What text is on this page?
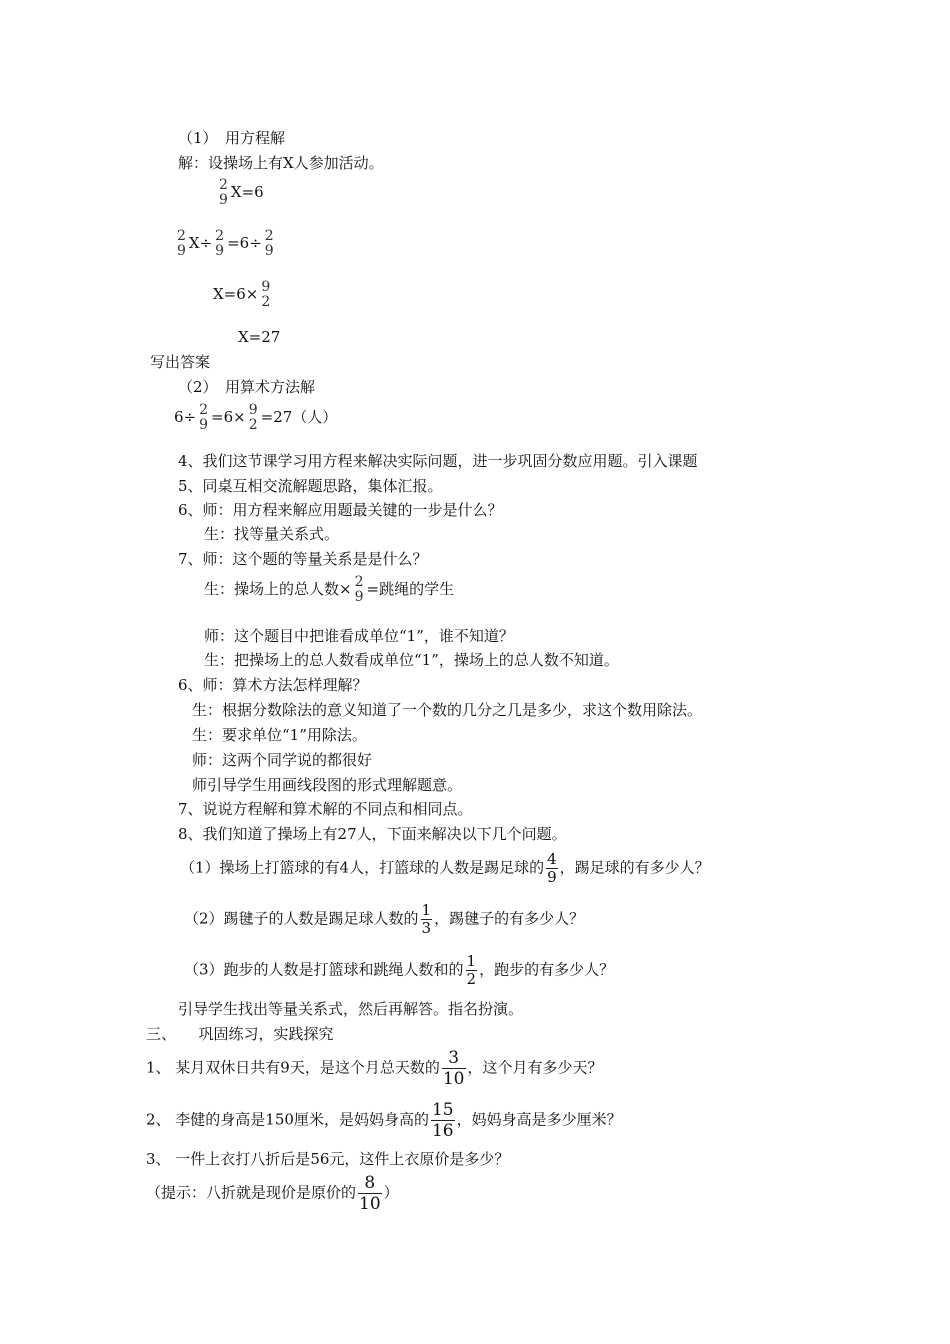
（1）　用方程解
解：设操场上有X人参加活动。
2
9 X=6
2
9 X÷ 2
9 =6÷ 2
9
X=6× 9
2
X=27
写出答案
（2）　用算术方法解
6÷ 2
9 =6× 9
2 =27（人）
4、我们这节课学习用方程来解决实际问题，进一步巩固分数应用题。引入课题
5、同桌互相交流解题思路，集体汇报。
6、师：用方程来解应用题最关键的一步是什么？
生：找等量关系式。
7、师：这个题的等量关系是是什么？
生：操场上的总人数× 2
9 =跳绳的学生
师：这个题目中把谁看成单位“1”，谁不知道？
生：把操场上的总人数看成单位“1”，操场上的总人数不知道。
6、师：算术方法怎样理解？
生：根据分数除法的意义知道了一个数的几分之几是多少，求这个数用除法。
生：要求单位“1”用除法。
师：这两个同学说的都很好
师引导学生用画线段图的形式理解题意。
7、说说方程解和算术解的不同点和相同点。
8、我们知道了操场上有27人，下面来解决以下几个问题。
（1）操场上打篮球的有4人，打篮球的人数是踢足球的 $\frac{4}{9}$ ，踢足球的有多少人？
（2）踢毽子的人数是踢足球人数的 $\frac{1}{3}$ ，踢毽子的有多少人？
（3）跑步的人数是打篮球和跳绳人数和的 $\frac{1}{2}$ ，跑步的有多少人？
引导学生找出等量关系式，然后再解答。指名扮演。
三、　　巩固练习，实践探究
1、 某月双休日共有9天，是这个月总天数的 $\frac{3}{10}$ ，这个月有多少天？
2、 李健的身高是150厘米，是妈妈身高的 $\frac{15}{16}$ ，妈妈身高是多少厘米？
3、 一件上衣打八折后是56元，这件上衣原价是多少？
（提示：八折就是现价是原价的 $\frac{8}{10}$ ）
